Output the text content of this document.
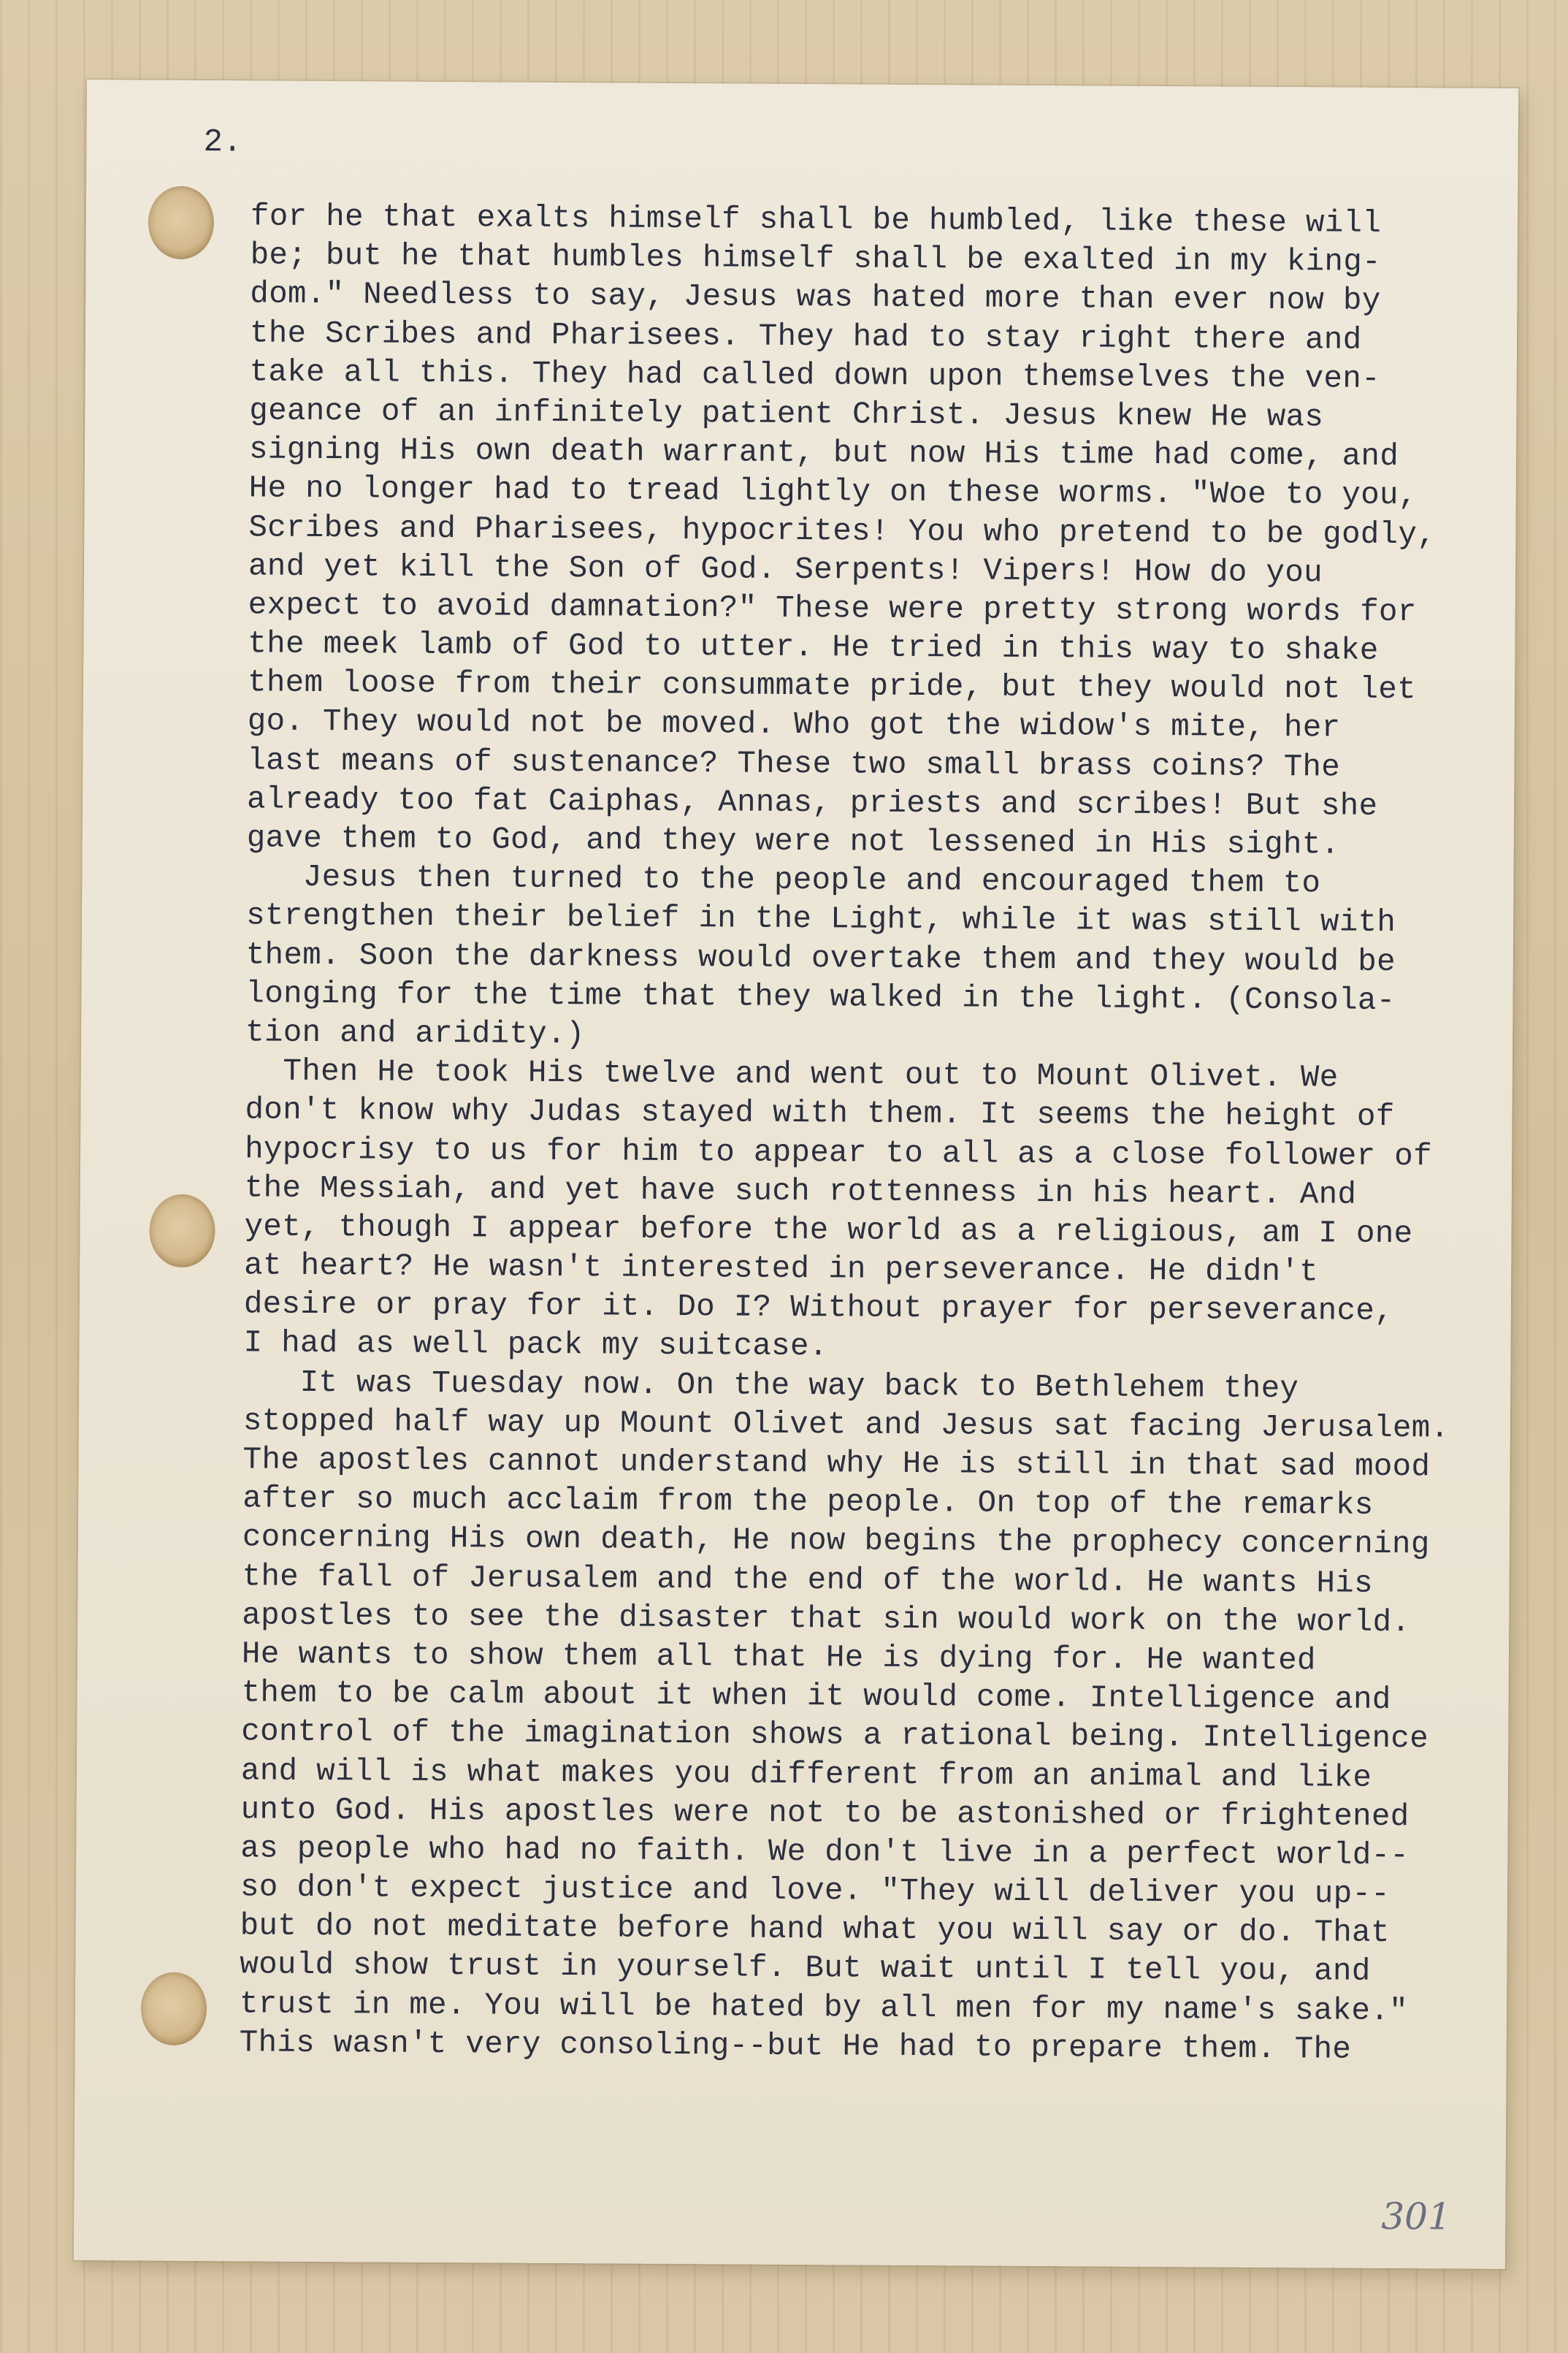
2.
for he that exalts himself shall be humbled, like these will
be; but he that humbles himself shall be exalted in my king-
dom." Needless to say, Jesus was hated more than ever now by
the Scribes and Pharisees. They had to stay right there and
take all this. They had called down upon themselves the ven-
geance of an infinitely patient Christ. Jesus knew He was
signing His own death warrant, but now His time had come, and
He no longer had to tread lightly on these worms. "Woe to you,
Scribes and Pharisees, hypocrites! You who pretend to be godly,
and yet kill the Son of God. Serpents! Vipers! How do you
expect to avoid damnation?" These were pretty strong words for
the meek lamb of God to utter. He tried in this way to shake
them loose from their consummate pride, but they would not let
go. They would not be moved. Who got the widow's mite, her
last means of sustenance? These two small brass coins? The
already too fat Caiphas, Annas, priests and scribes! But she
gave them to God, and they were not lessened in His sight.
Jesus then turned to the people and encouraged them to
strengthen their belief in the Light, while it was still with
them. Soon the darkness would overtake them and they would be
longing for the time that they walked in the light. (Consola-
tion and aridity.)
Then He took His twelve and went out to Mount Olivet. We
don't know why Judas stayed with them. It seems the height of
hypocrisy to us for him to appear to all as a close follower of
the Messiah, and yet have such rottenness in his heart. And
yet, though I appear before the world as a religious, am I one
at heart? He wasn't interested in perseverance. He didn't
desire or pray for it. Do I? Without prayer for perseverance,
I had as well pack my suitcase.
It was Tuesday now. On the way back to Bethlehem they
stopped half way up Mount Olivet and Jesus sat facing Jerusalem.
The apostles cannot understand why He is still in that sad mood
after so much acclaim from the people. On top of the remarks
concerning His own death, He now begins the prophecy concerning
the fall of Jerusalem and the end of the world. He wants His
apostles to see the disaster that sin would work on the world.
He wants to show them all that He is dying for. He wanted
them to be calm about it when it would come. Intelligence and
control of the imagination shows a rational being. Intelligence
and will is what makes you different from an animal and like
unto God. His apostles were not to be astonished or frightened
as people who had no faith. We don't live in a perfect world--
so don't expect justice and love. "They will deliver you up--
but do not meditate before hand what you will say or do. That
would show trust in yourself. But wait until I tell you, and
trust in me. You will be hated by all men for my name's sake."
This wasn't very consoling--but He had to prepare them. The
301
